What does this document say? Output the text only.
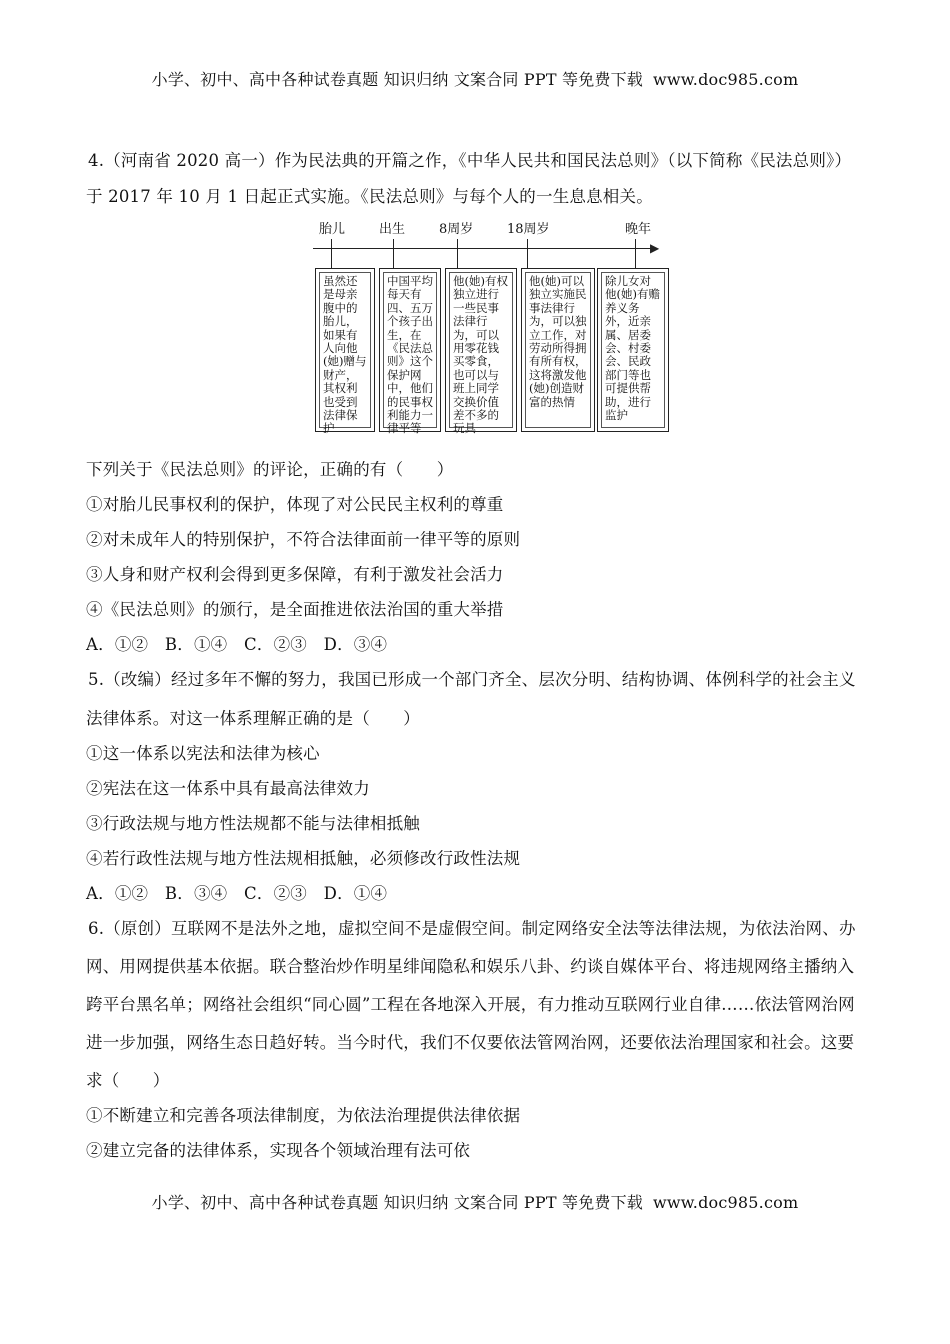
小学、初中、高中各种试卷真题 知识归纳 文案合同 PPT 等免费下载 www.doc985.com
4.（河南省 2020 高一）作为民法典的开篇之作，《中华人民共和国民法总则》（以下简称《民法总则》）
于 2017 年 10 月 1 日起正式实施。《民法总则》与每个人的一生息息相关。
▶
胎儿	出生	8周岁	18周岁	晚年
虽然还是母亲腹中的胎儿，如果有人向他(她)赠与财产，其权利也受到法律保护
中国平均每天有四、五万个孩子出生，在《民法总则》这个保护网中，他们的民事权利能力一律平等
他(她)有权独立进行一些民事法律行为，可以用零花钱买零食，也可以与班上同学交换价值差不多的玩具
他(她)可以独立实施民事法律行为，可以独立工作，对劳动所得拥有所有权，这将激发他(她)创造财富的热情
除儿女对他(她)有赡养义务外，近亲属、居委会、村委会、民政部门等也可提供帮助，进行监护
下列关于《民法总则》的评论，正确的有（　　）
①对胎儿民事权利的保护，体现了对公民民主权利的尊重
②对未成年人的特别保护，不符合法律面前一律平等的原则
③人身和财产权利会得到更多保障，有利于激发社会活力
④《民法总则》的颁行，是全面推进依法治国的重大举措
A．①②　B．①④　C．②③　D．③④
5.（改编）经过多年不懈的努力，我国已形成一个部门齐全、层次分明、结构协调、体例科学的社会主义
法律体系。对这一体系理解正确的是（　　）
①这一体系以宪法和法律为核心
②宪法在这一体系中具有最高法律效力
③行政法规与地方性法规都不能与法律相抵触
④若行政性法规与地方性法规相抵触，必须修改行政性法规
A．①②　B．③④　C．②③　D．①④
6.（原创）互联网不是法外之地，虚拟空间不是虚假空间。制定网络安全法等法律法规，为依法治网、办
网、用网提供基本依据。联合整治炒作明星绯闻隐私和娱乐八卦、约谈自媒体平台、将违规网络主播纳入
跨平台黑名单；网络社会组织“同心圆”工程在各地深入开展，有力推动互联网行业自律……依法管网治网
进一步加强，网络生态日趋好转。当今时代，我们不仅要依法管网治网，还要依法治理国家和社会。这要
求（　　）
①不断建立和完善各项法律制度，为依法治理提供法律依据
②建立完备的法律体系，实现各个领域治理有法可依
小学、初中、高中各种试卷真题 知识归纳 文案合同 PPT 等免费下载 www.doc985.com
